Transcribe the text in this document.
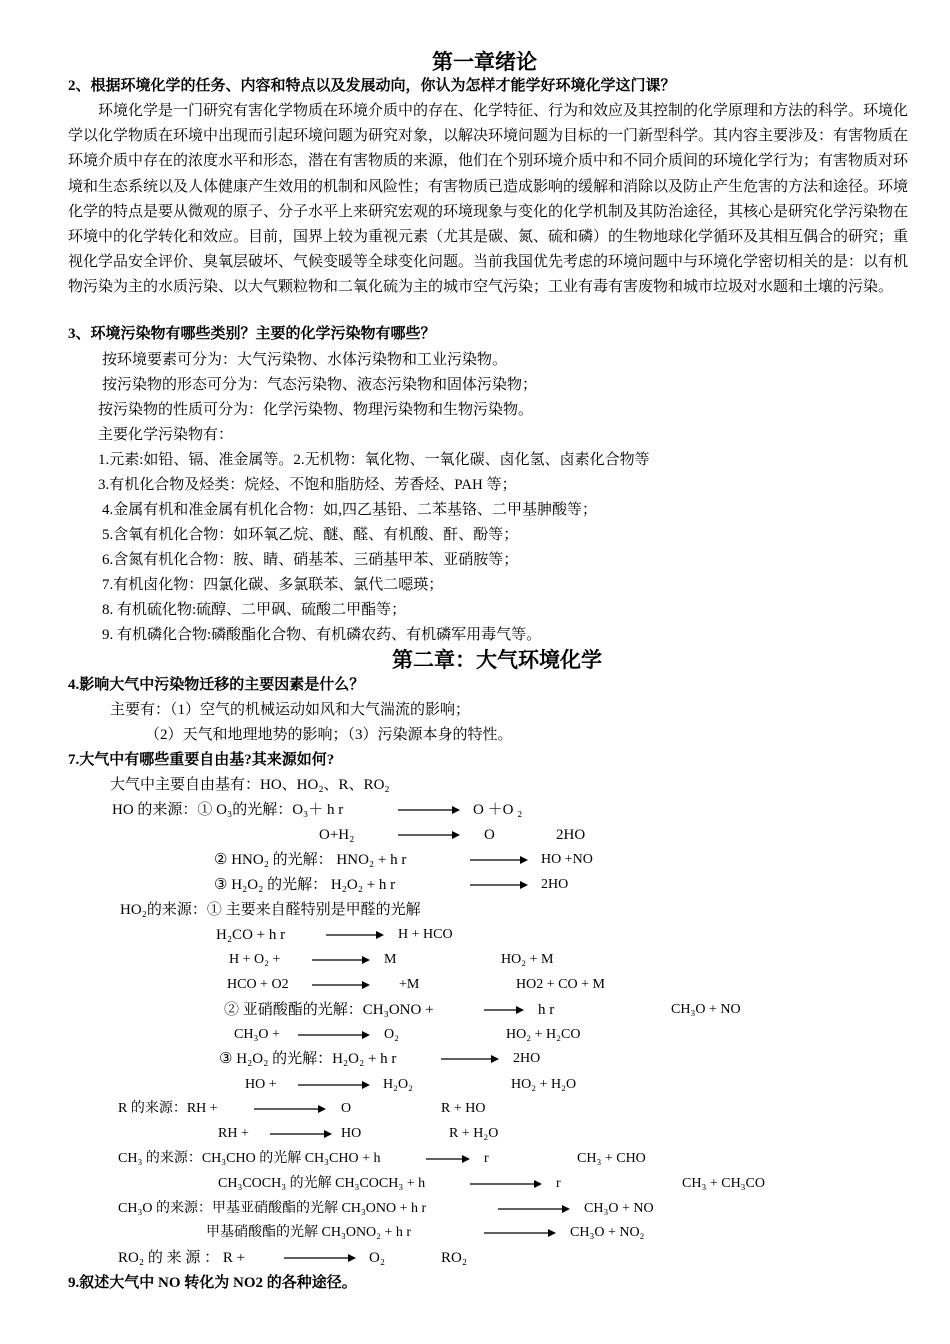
第一章绪论
2、根据环境化学的任务、内容和特点以及发展动向，你认为怎样才能学好环境化学这门课？
环境化学是一门研究有害化学物质在环境介质中的存在、化学特征、行为和效应及其控制的化学原理和方法的科学。环境化学以化学物质在环境中出现而引起环境问题为研究对象，以解决环境问题为目标的一门新型科学。其内容主要涉及：有害物质在环境介质中存在的浓度水平和形态，潜在有害物质的来源，他们在个别环境介质中和不同介质间的环境化学行为；有害物质对环境和生态系统以及人体健康产生效用的机制和风险性；有害物质已造成影响的缓解和消除以及防止产生危害的方法和途径。环境化学的特点是要从微观的原子、分子水平上来研究宏观的环境现象与变化的化学机制及其防治途径，其核心是研究化学污染物在环境中的化学转化和效应。目前，国界上较为重视元素（尤其是碳、氮、硫和磷）的生物地球化学循环及其相互偶合的研究；重视化学品安全评价、臭氧层破坏、气候变暖等全球变化问题。当前我国优先考虑的环境问题中与环境化学密切相关的是：以有机物污染为主的水质污染、以大气颗粒物和二氧化硫为主的城市空气污染；工业有毒有害废物和城市垃圾对水题和土壤的污染。
3、环境污染物有哪些类别？主要的化学污染物有哪些？
按环境要素可分为：大气污染物、水体污染物和工业污染物。
按污染物的形态可分为：气态污染物、液态污染物和固体污染物；
按污染物的性质可分为：化学污染物、物理污染物和生物污染物。
主要化学污染物有：
1.元素:如铅、镉、准金属等。2.无机物：氧化物、一氧化碳、卤化氢、卤素化合物等
3.有机化合物及烃类：烷烃、不饱和脂肪烃、芳香烃、PAH 等；
4.金属有机和准金属有机化合物：如,四乙基铅、二苯基铬、二甲基胂酸等；
5.含氧有机化合物：如环氧乙烷、醚、醛、有机酸、酐、酚等；
6.含氮有机化合物：胺、睛、硝基苯、三硝基甲苯、亚硝胺等；
7.有机卤化物：四氯化碳、多氯联苯、氯代二噁瑛；
8. 有机硫化物:硫醇、二甲砜、硫酸二甲酯等；
9. 有机磷化合物:磷酸酯化合物、有机磷农药、有机磷军用毒气等。
第二章：大气环境化学
4.影响大气中污染物迁移的主要因素是什么？
主要有：（1）空气的机械运动如风和大气湍流的影响；
（2）天气和地理地势的影响；（3）污染源本身的特性。
7.大气中有哪些重要自由基?其来源如何?
大气中主要自由基有：HO、HO₂、R、RO₂
HO 的来源：① O₃的光解：O₃＋ h r	→ O ＋O ₂
O+H₂	→ O	2HO
② HNO₂ 的光解： HNO₂ + h r	→ HO +NO
③ H₂O₂ 的光解： H₂O₂ + h r	→ 2HO
HO₂的来源：① 主要来自醛特别是甲醛的光解
H₂CO + h r	→ H + HCO
H + O₂ + → M	HO₂ + M
HCO + O2 → +M	HO2 + CO + M
② 亚硝酸酯的光解：CH₃ONO +	→ h r	CH₃O + NO
CH₃O +	O₂	HO₂ + H₂CO
③ H₂O₂ 的光解：H₂O₂ + h r	→ 2HO
HO +	H₂O₂	HO₂ + H₂O
R 的来源：RH +	O	R + HO
RH + → HO	R + H₂O
CH₃ 的来源：CH₃CHO 的光解 CH₃CHO + h	→ r	CH₃ + CHO
CH₃COCH₃ 的光解 CH₃COCH₃ + h	r	CH₃ + CH₃CO
CH₃O 的来源：甲基亚硝酸酯的光解 CH₃ONO + h r	CH₃O + NO
甲基硝酸酯的光解 CH₃ONO₂ + h r	CH₃O + NO₂
RO₂ 的 来 源 ： R +	O₂	RO₂
9.叙述大气中 NO 转化为 NO2 的各种途径。
